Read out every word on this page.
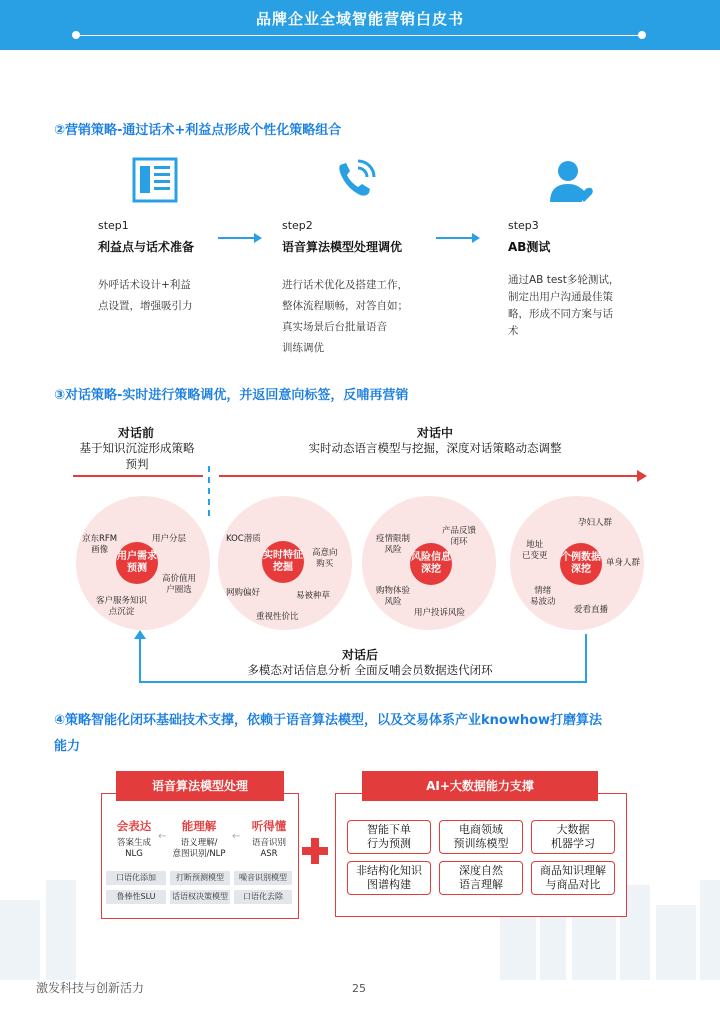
品牌企业全域智能营销白皮书
②营销策略-通过话术+利益点形成个性化策略组合
step1
利益点与话术准备
外呼话术设计+利益
点设置，增强吸引力
step2
语音算法模型处理调优
进行话术优化及搭建工作，
整体流程顺畅，对答自如；
真实场景后台批量语音
训练调优
step3
AB测试
通过AB test多轮测试，
制定出用户沟通最佳策
略，形成不同方案与话
术
③对话策略-实时进行策略调优，并返回意向标签，反哺再营销
对话前
基于知识沉淀形成策略
预判
对话中
实时动态语言模型与挖掘，深度对话策略动态调整
用户需求预测
京东RFM
画像
用户分层
高价值用
户圈选
客户服务知识
点沉淀
实时特征挖掘
KOC潜质
高意向
购买
易被种草
重视性价比
网购偏好
风险信息深挖
疫情限制
风险
产品反馈
闭环
购物体验
风险
用户投诉风险
个例数据深挖
孕妇人群
地址
已变更
单身人群
情绪
易波动
爱看直播
对话后
多模态对话信息分析 全面反哺会员数据迭代闭环
④策略智能化闭环基础技术支撑，依赖于语音算法模型，以及交易体系产业knowhow打磨算法
能力
语音算法模型处理
会表达
答案生成
NLG
←
能理解
语义理解/
意图识别/NLP
←
听得懂
语音识别
ASR
口语化添加	打断预测模型	噪音识别模型
鲁棒性SLU	话语权决策模型	口语化去除
AI+大数据能力支撑
智能下单
行为预测
电商领域
预训练模型
大数据
机器学习
非结构化知识
图谱构建
深度自然
语言理解
商品知识理解
与商品对比
激发科技与创新活力	25
